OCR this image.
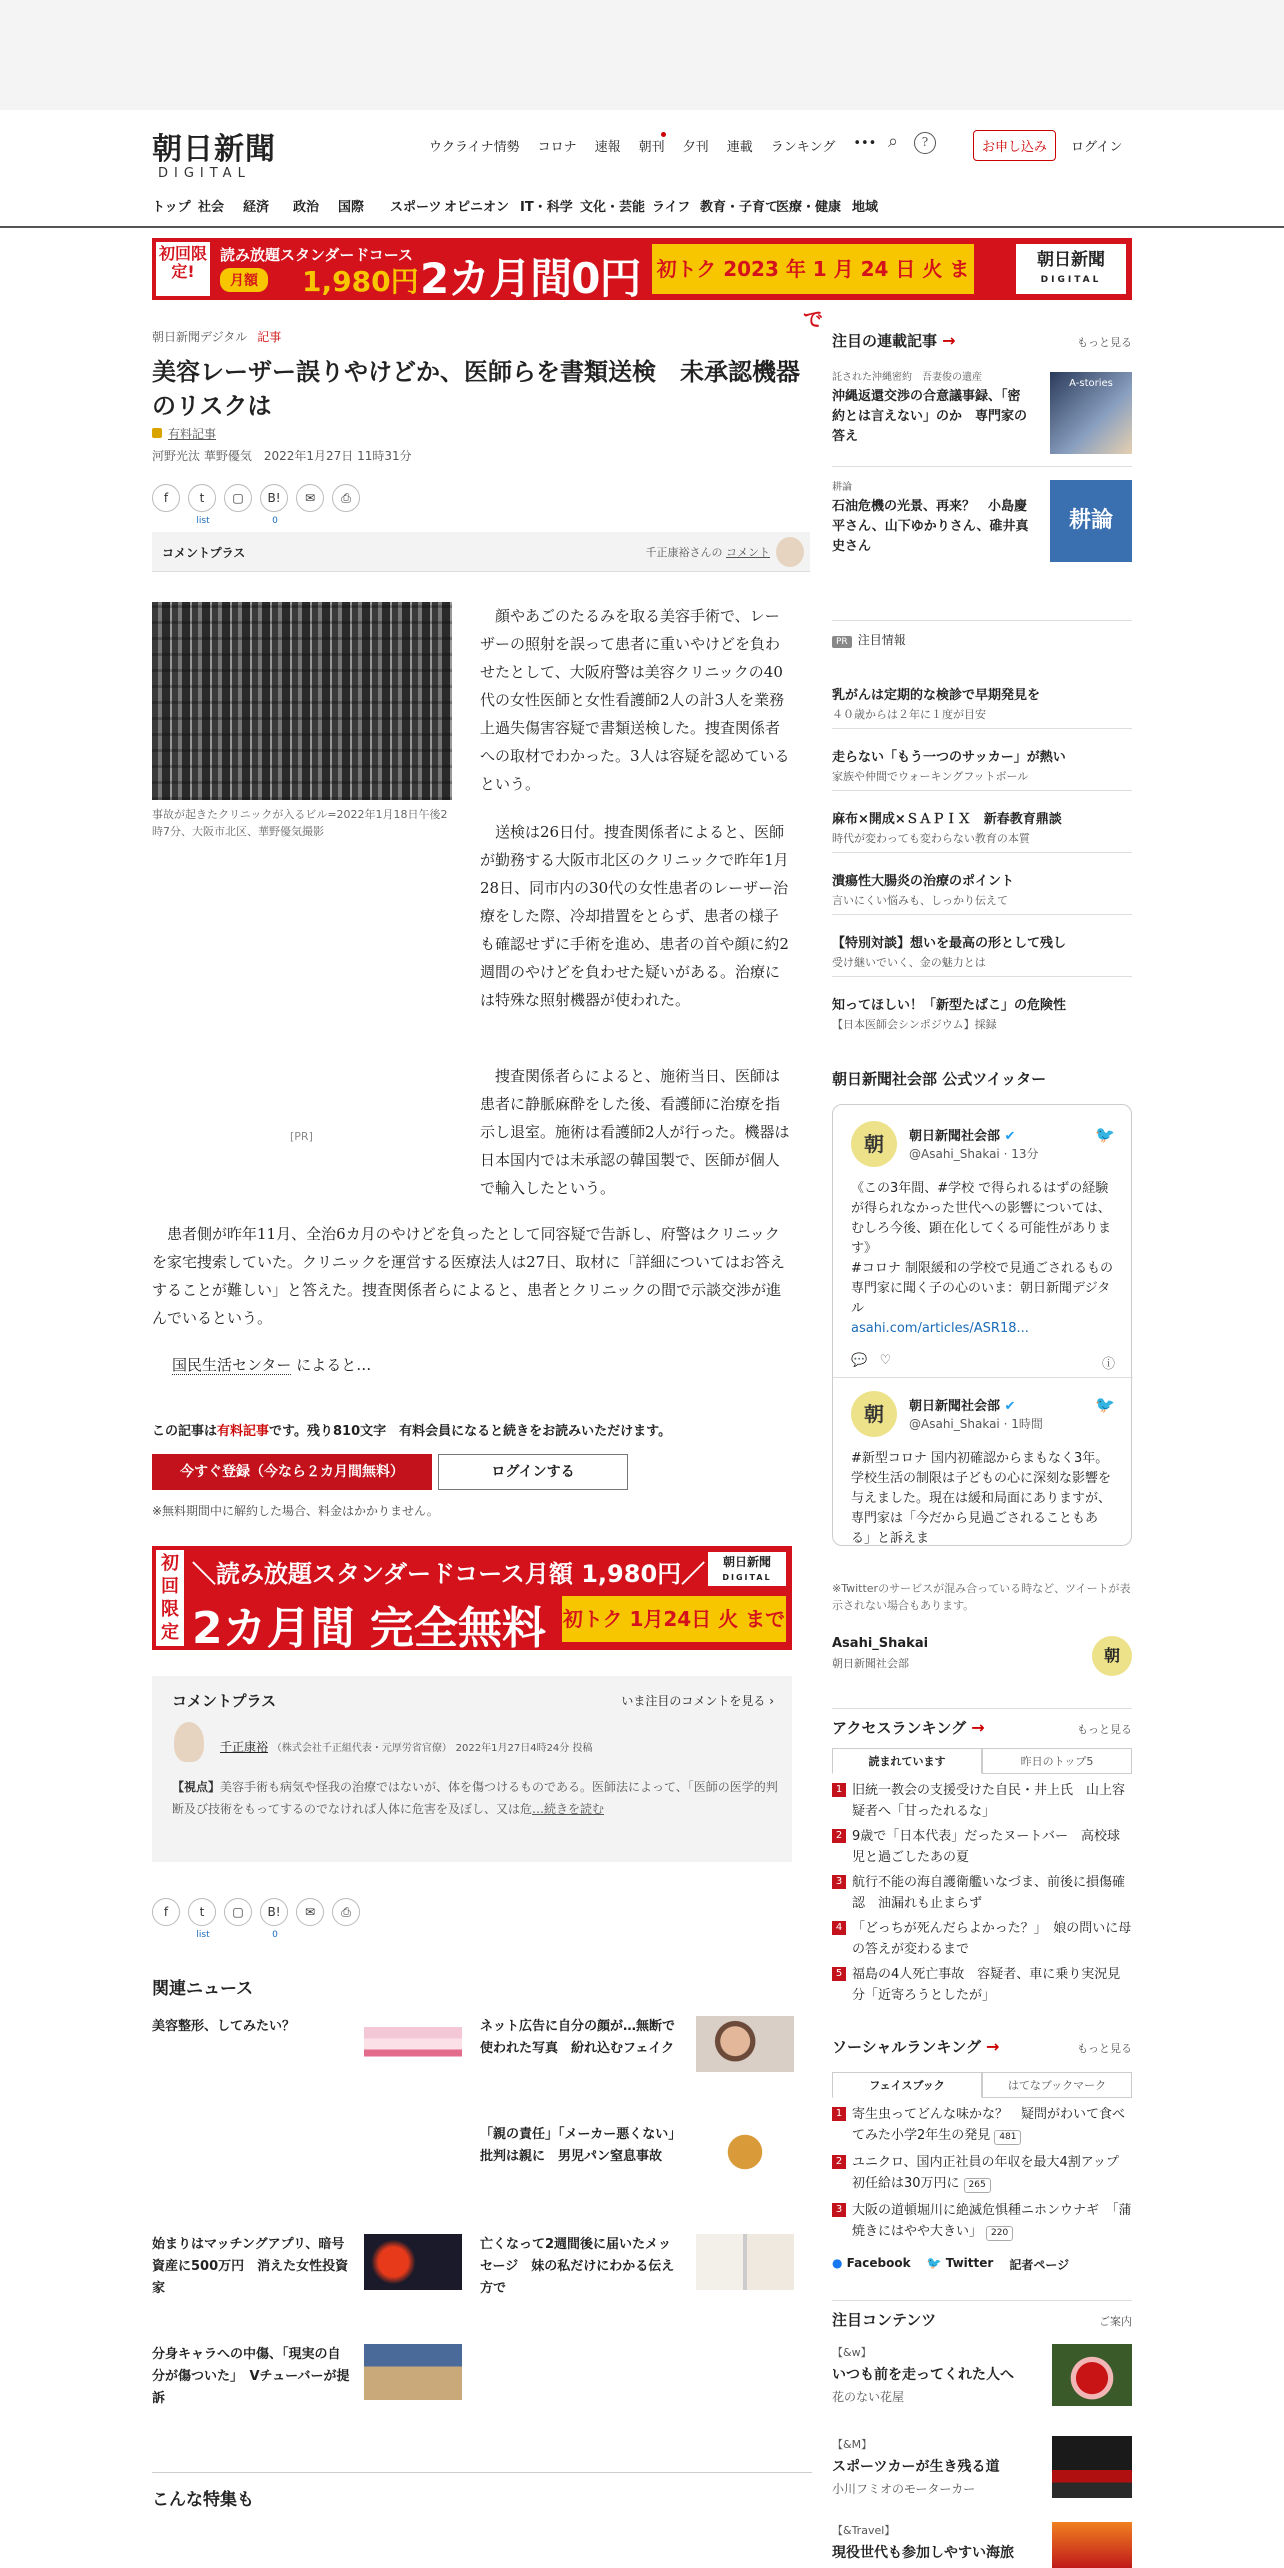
朝日新聞
DIGITAL
ウクライナ情勢	コロナ	速報	朝刊	夕刊	連載	ランキング	••• ⌕	?	お申し込み	ログイン
トップ 社会 経済 政治 国際 スポーツ オピニオン IT・科学 文化・芸能 ライフ 教育・子育て
医療・健康 地域
初回限定!
読み放題スタンダードコース
月額	1,980円 2カ月間0円 初トク 2023 年 1 月 24 日 火 まで
朝日新聞
DIGITAL
朝日新聞デジタル 記事
美容レーザー誤りやけどか、医師らを書類送検　未承認機器のリスクは
有料記事
河野光汰 華野優気　2022年1月27日 11時31分
f	t
list
▢	B!
0
✉	⎙
コメントプラス	千正康裕さんの コメント
事故が起きたクリニックが入るビル=2022年1月18日午後2時7分、大阪市北区、華野優気撮影
[PR]

顔やあごのたるみを取る美容手術で、レーザーの照射を誤って患者に重いやけどを負わせたとして、大阪府警は美容クリニックの40代の女性医師と女性看護師2人の計3人を業務上過失傷害容疑で書類送検した。捜査関係者への取材でわかった。3人は容疑を認めているという。

送検は26日付。捜査関係者によると、医師が勤務する大阪市北区のクリニックで昨年1月28日、同市内の30代の女性患者のレーザー治療をした際、冷却措置をとらず、患者の様子も確認せずに手術を進め、患者の首や顔に約2週間のやけどを負わせた疑いがある。治療には特殊な照射機器が使われた。

捜査関係者らによると、施術当日、医師は患者に静脈麻酔をした後、看護師に治療を指示し退室。施術は看護師2人が行った。機器は日本国内では未承認の韓国製で、医師が個人で輸入したという。

患者側が昨年11月、全治6カ月のやけどを負ったとして同容疑で告訴し、府警はクリニックを家宅捜索していた。クリニックを運営する医療法人は27日、取材に「詳細についてはお答えすることが難しい」と答えた。捜査関係者らによると、患者とクリニックの間で示談交渉が進んでいるという。

国民生活センター によると…

この記事は有料記事です。残り810文字　有料会員になると続きをお読みいただけます。
今すぐ登録（今なら２カ月間無料）	ログインする
※無料期間中に解約した場合、料金はかかりません。
初回限定
＼読み放題スタンダードコース月額 1,980円／
2カ月間 完全無料 初トク 1月24日 火 まで
朝日新聞
DIGITAL
コメントプラス	いま注目のコメントを見る ›
千正康裕 （株式会社千正組代表・元厚労省官僚） 2022年1月27日4時24分 投稿
【視点】美容手術も病気や怪我の治療ではないが、体を傷つけるものである。医師法によって、「医師の医学的判断及び技術をもってするのでなければ人体に危害を及ぼし、又は危…続きを読む
f	t
list
▢	B!
0
✉	⎙
関連ニュース
美容整形、してみたい？	ネット広告に自分の顔が…無断で使われた写真　紛れ込むフェイク
「親の責任」「メーカー悪くない」　批判は親に　男児パン窒息事故
始まりはマッチングアプリ、暗号資産に500万円　消えた女性投資家
亡くなって2週間後に届いたメッセージ　妹の私だけにわかる伝え方で
分身キャラへの中傷、「現実の自分が傷ついた」　Vチューバーが提訴
こんな特集も
注目の連載記事 →	もっと見る
託された沖縄密約　吾妻俊の遺産
沖縄返還交渉の合意議事録、「密約とは言えない」のか　専門家の答え
A-stories
耕論
石油危機の光景、再来？　小島慶平さん、山下ゆかりさん、碓井真史さん
耕論
PR 注目情報
乳がんは定期的な検診で早期発見を
４０歳からは２年に１度が目安
走らない「もう一つのサッカー」が熱い
家族や仲間でウォーキングフットボール
麻布×開成×ＳＡＰＩＸ　新春教育鼎談
時代が変わっても変わらない教育の本質
潰瘍性大腸炎の治療のポイント
言いにくい悩みも、しっかり伝えて
【特別対談】想いを最高の形として残し
受け継いでいく、金の魅力とは
知ってほしい！「新型たばこ」の危険性
【日本医師会シンポジウム】採録
朝日新聞社会部 公式ツイッター
朝	朝日新聞社会部 ✔
@Asahi_Shakai · 13分
🐦
《この3年間、#学校 で得られるはずの経験が得られなかった世代への影響については、むしろ今後、顕在化してくる可能性があります》
#コロナ 制限緩和の学校で見通ごされるもの　専門家に聞く子の心のいま：朝日新聞デジタル
asahi.com/articles/ASR18...
💬 ♡	ⓘ
朝	朝日新聞社会部 ✔
@Asahi_Shakai · 1時間
🐦
#新型コロナ 国内初確認からまもなく3年。学校生活の制限は子どもの心に深刻な影響を与えました。現在は緩和局面にありますが、専門家は「今だから見過ごされることもある」と訴えま
※Twitterのサービスが混み合っている時など、ツイートが表示されない場合もあります。
Asahi_Shakai
朝日新聞社会部	朝
アクセスランキング →	もっと見る
読まれています	昨日のトップ5
1 旧統一教会の支援受けた自民・井上氏　山上容疑者へ「甘ったれるな」
2 9歳で「日本代表」だったヌートバー　高校球児と過ごしたあの夏
3 航行不能の海自護衛艦いなづま、前後に損傷確認　油漏れも止まらず
4 「どっちが死んだらよかった？」　娘の問いに母の答えが変わるまで
5 福島の4人死亡事故　容疑者、車に乗り実況見分「近寄ろうとしたが」
ソーシャルランキング →	もっと見る
フェイスブック	はてなブックマーク
1 寄生虫ってどんな味かな？　疑問がわいて食べてみた小学2年生の発見 481
2 ユニクロ、国内正社員の年収を最大4割アップ　初任給は30万円に 265
3 大阪の道頓堀川に絶滅危惧種ニホンウナギ　「蒲焼きにはやや大きい」 220
● Facebook 🐦 Twitter 記者ページ
注目コンテンツ	ご案内
【&w】
いつも前を走ってくれた人へ
花のない花屋
【&M】
スポーツカーが生き残る道
小川フミオのモーターカー
【&Travel】
現役世代も参加しやすい海旅
